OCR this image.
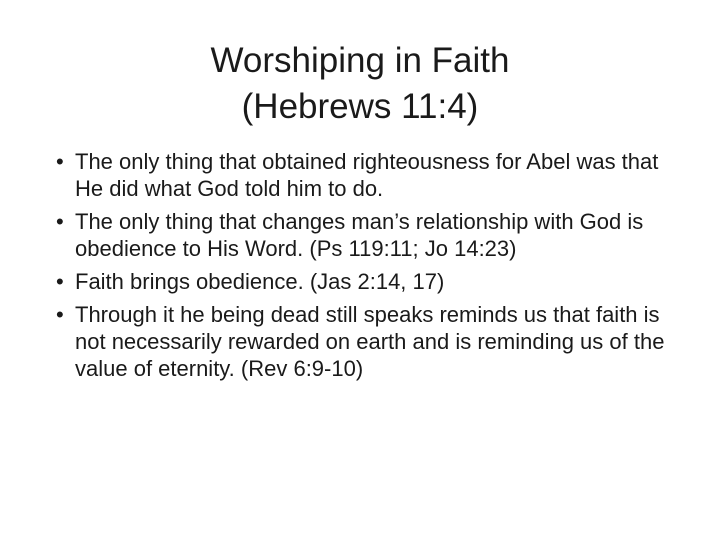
Worshiping in Faith
(Hebrews 11:4)
• The only thing that obtained righteousness for Abel was that He did what God told him to do.
• The only thing that changes man’s relationship with God is obedience to His Word. (Ps 119:11; Jo 14:23)
• Faith brings obedience. (Jas 2:14, 17)
• Through it he being dead still speaks reminds us that faith is not necessarily rewarded on earth and is reminding us of the value of eternity. (Rev 6:9-10)
